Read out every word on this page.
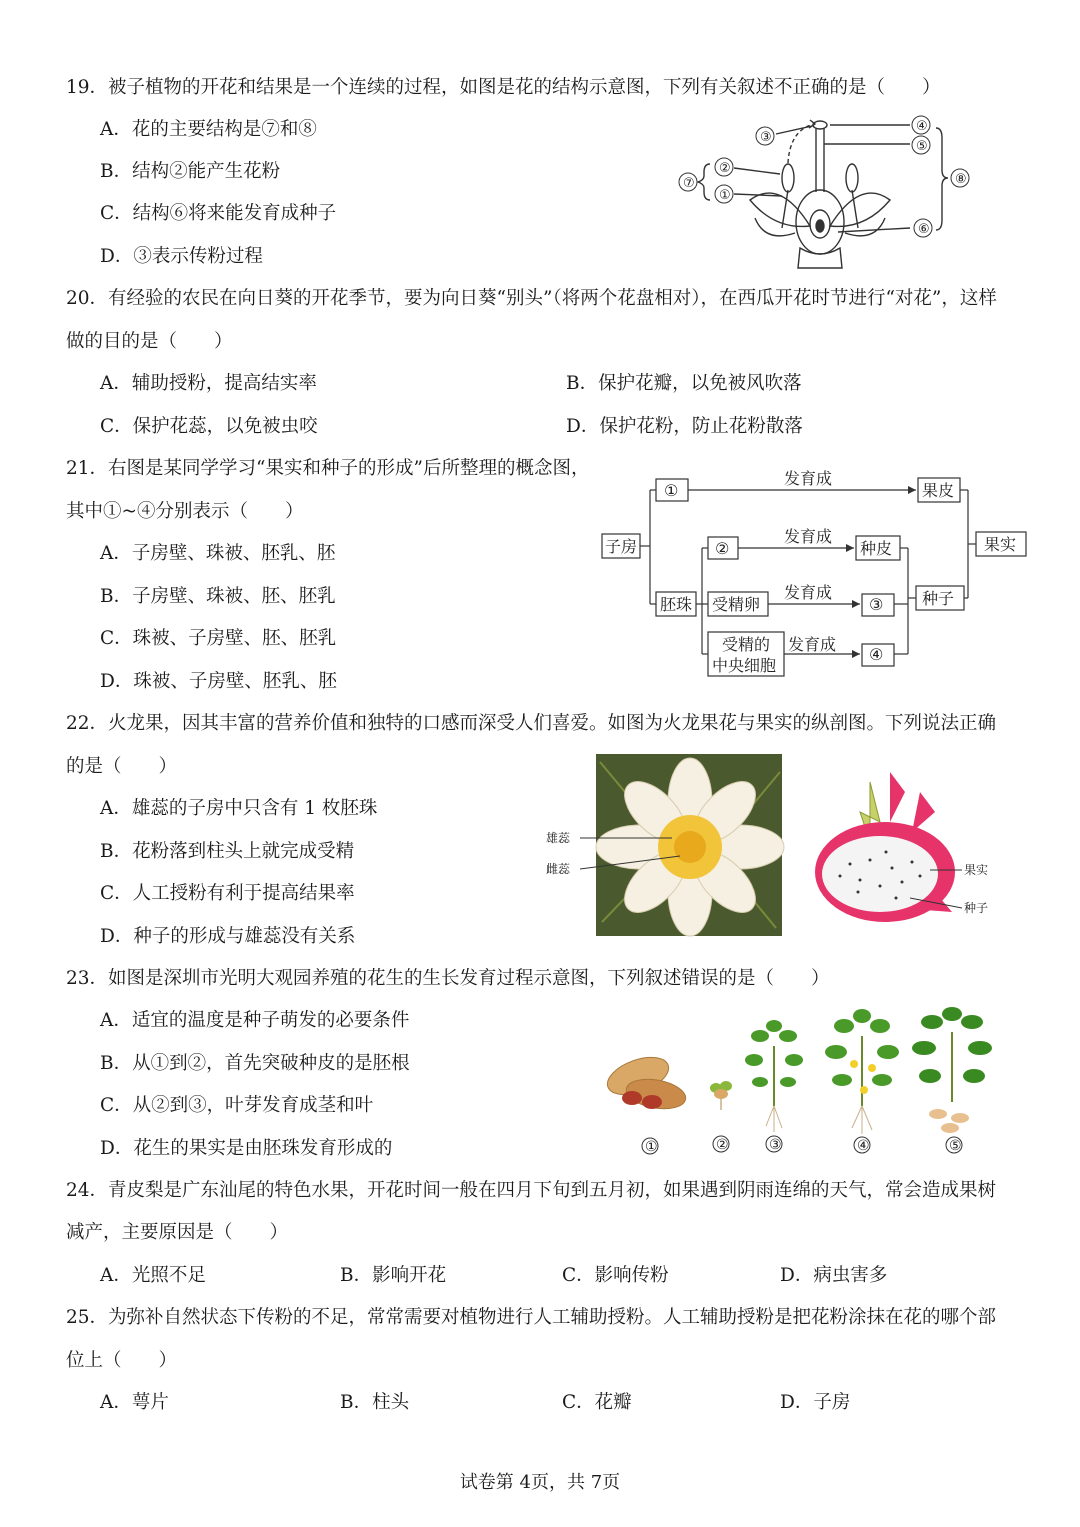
19．被子植物的开花和结果是一个连续的过程，如图是花的结构示意图，下列有关叙述不正确的是（　　）
A．花的主要结构是⑦和⑧
B．结构②能产生花粉
C．结构⑥将来能发育成种子
D．③表示传粉过程
③
②
①
⑦
④
⑤
⑧
⑥
20．有经验的农民在向日葵的开花季节，要为向日葵“别头”（将两个花盘相对），在西瓜开花时节进行“对花”，这样
做的目的是（　　）
A．辅助授粉，提高结实率	B．保护花瓣，以免被风吹落
C．保护花蕊，以免被虫咬	D．保护花粉，防止花粉散落
21．右图是某同学学习“果实和种子的形成”后所整理的概念图，
其中①~④分别表示（　　）
A．子房壁、珠被、胚乳、胚
B．子房壁、珠被、胚、胚乳
C．珠被、子房壁、胚、胚乳
D．珠被、子房壁、胚乳、胚
子房
①	果皮
果实
胚珠
②	种皮
受精卵	③ 种子
受精的
中央细胞
④
发育成
发育成
发育成
发育成
22．火龙果，因其丰富的营养价值和独特的口感而深受人们喜爱。如图为火龙果花与果实的纵剖图。下列说法正确
的是（　　）
A．雄蕊的子房中只含有 1 枚胚珠
B．花粉落到柱头上就完成受精
C．人工授粉有利于提高结果率
D．种子的形成与雄蕊没有关系
雄蕊
雌蕊	果实
种子
23．如图是深圳市光明大观园养殖的花生的生长发育过程示意图，下列叙述错误的是（　　）
A．适宜的温度是种子萌发的必要条件
B．从①到②，首先突破种皮的是胚根
C．从②到③，叶芽发育成茎和叶
D．花生的果实是由胚珠发育形成的	①	②	③	④	⑤
24．青皮梨是广东汕尾的特色水果，开花时间一般在四月下旬到五月初，如果遇到阴雨连绵的天气，常会造成果树
减产，主要原因是（　　）
A．光照不足	B．影响开花	C．影响传粉	D．病虫害多
25．为弥补自然状态下传粉的不足，常常需要对植物进行人工辅助授粉。人工辅助授粉是把花粉涂抹在花的哪个部
位上（　　）
A．萼片	B．柱头	C．花瓣	D．子房
试卷第 4页，共 7页
